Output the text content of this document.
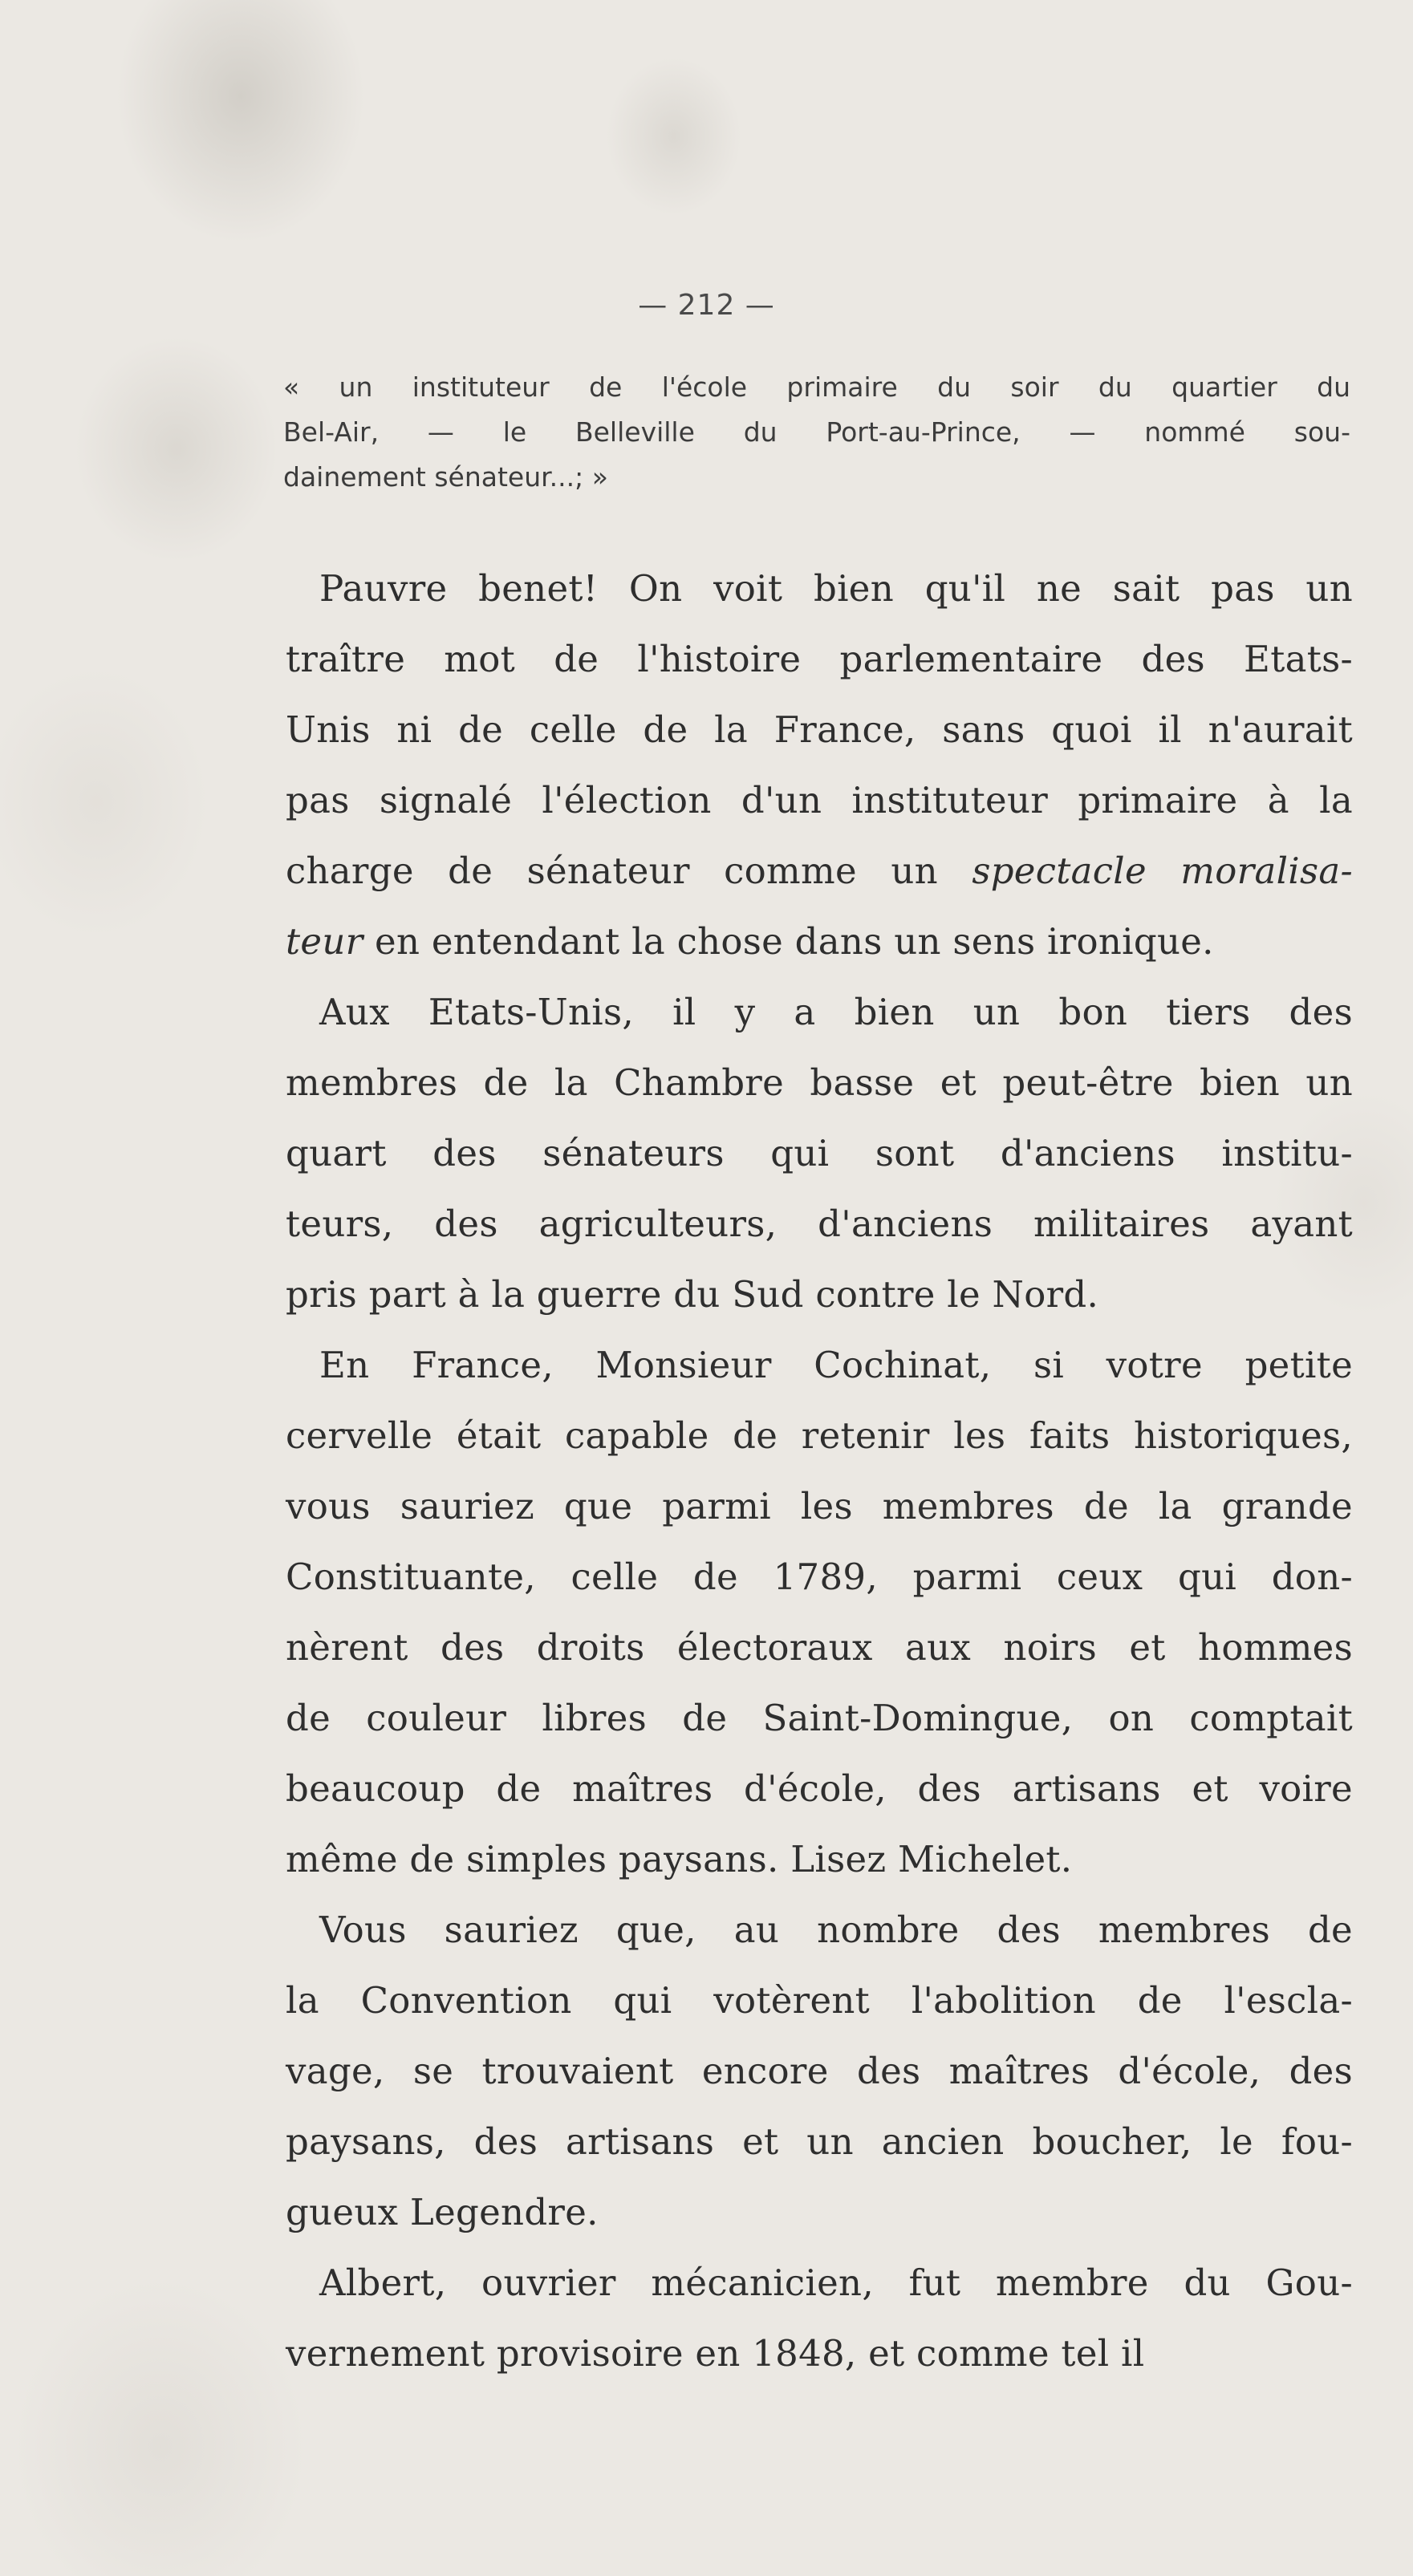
— 212 —
« un instituteur de l'école primaire du soir du quartier du
Bel-Air, — le Belleville du Port-au-Prince, — nommé sou-
dainement sénateur...; »
Pauvre benet! On voit bien qu'il ne sait pas un
traître mot de l'histoire parlementaire des Etats-
Unis ni de celle de la France, sans quoi il n'aurait
pas signalé l'élection d'un instituteur primaire à la
charge de sénateur comme un spectacle moralisa-
teur en entendant la chose dans un sens ironique.
Aux Etats-Unis, il y a bien un bon tiers des
membres de la Chambre basse et peut-être bien un
quart des sénateurs qui sont d'anciens institu-
teurs, des agriculteurs, d'anciens militaires ayant
pris part à la guerre du Sud contre le Nord.
En France, Monsieur Cochinat, si votre petite
cervelle était capable de retenir les faits historiques,
vous sauriez que parmi les membres de la grande
Constituante, celle de 1789, parmi ceux qui don-
nèrent des droits électoraux aux noirs et hommes
de couleur libres de Saint-Domingue, on comptait
beaucoup de maîtres d'école, des artisans et voire
même de simples paysans. Lisez Michelet.
Vous sauriez que, au nombre des membres de
la Convention qui votèrent l'abolition de l'escla-
vage, se trouvaient encore des maîtres d'école, des
paysans, des artisans et un ancien boucher, le fou-
gueux Legendre.
Albert, ouvrier mécanicien, fut membre du Gou-
vernement provisoire en 1848, et comme tel il
